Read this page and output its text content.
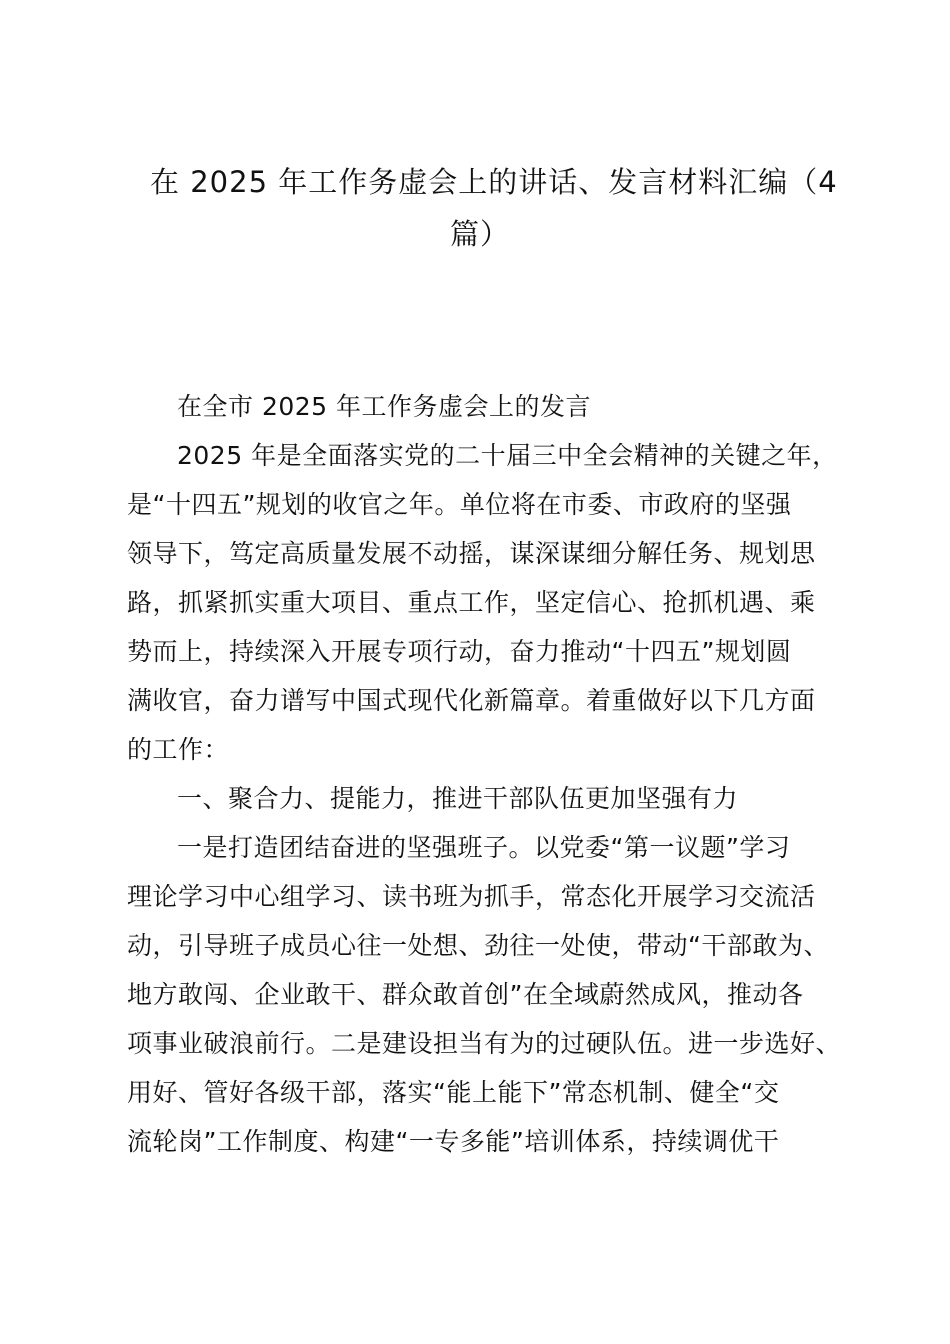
在 2025 年工作务虚会上的讲话、发言材料汇编（4
篇）
在全市 2025 年工作务虚会上的发言
2025 年是全面落实党的二十届三中全会精神的关键之年，
是“十四五”规划的收官之年。单位将在市委、市政府的坚强
领导下，笃定高质量发展不动摇，谋深谋细分解任务、规划思
路，抓紧抓实重大项目、重点工作，坚定信心、抢抓机遇、乘
势而上，持续深入开展专项行动，奋力推动“十四五”规划圆
满收官，奋力谱写中国式现代化新篇章。着重做好以下几方面
的工作：
一、聚合力、提能力，推进干部队伍更加坚强有力
一是打造团结奋进的坚强班子。以党委“第一议题”学习
理论学习中心组学习、读书班为抓手，常态化开展学习交流活
动，引导班子成员心往一处想、劲往一处使，带动“干部敢为、
地方敢闯、企业敢干、群众敢首创”在全域蔚然成风，推动各
项事业破浪前行。二是建设担当有为的过硬队伍。进一步选好、
用好、管好各级干部，落实“能上能下”常态机制、健全“交
流轮岗”工作制度、构建“一专多能”培训体系，持续调优干
